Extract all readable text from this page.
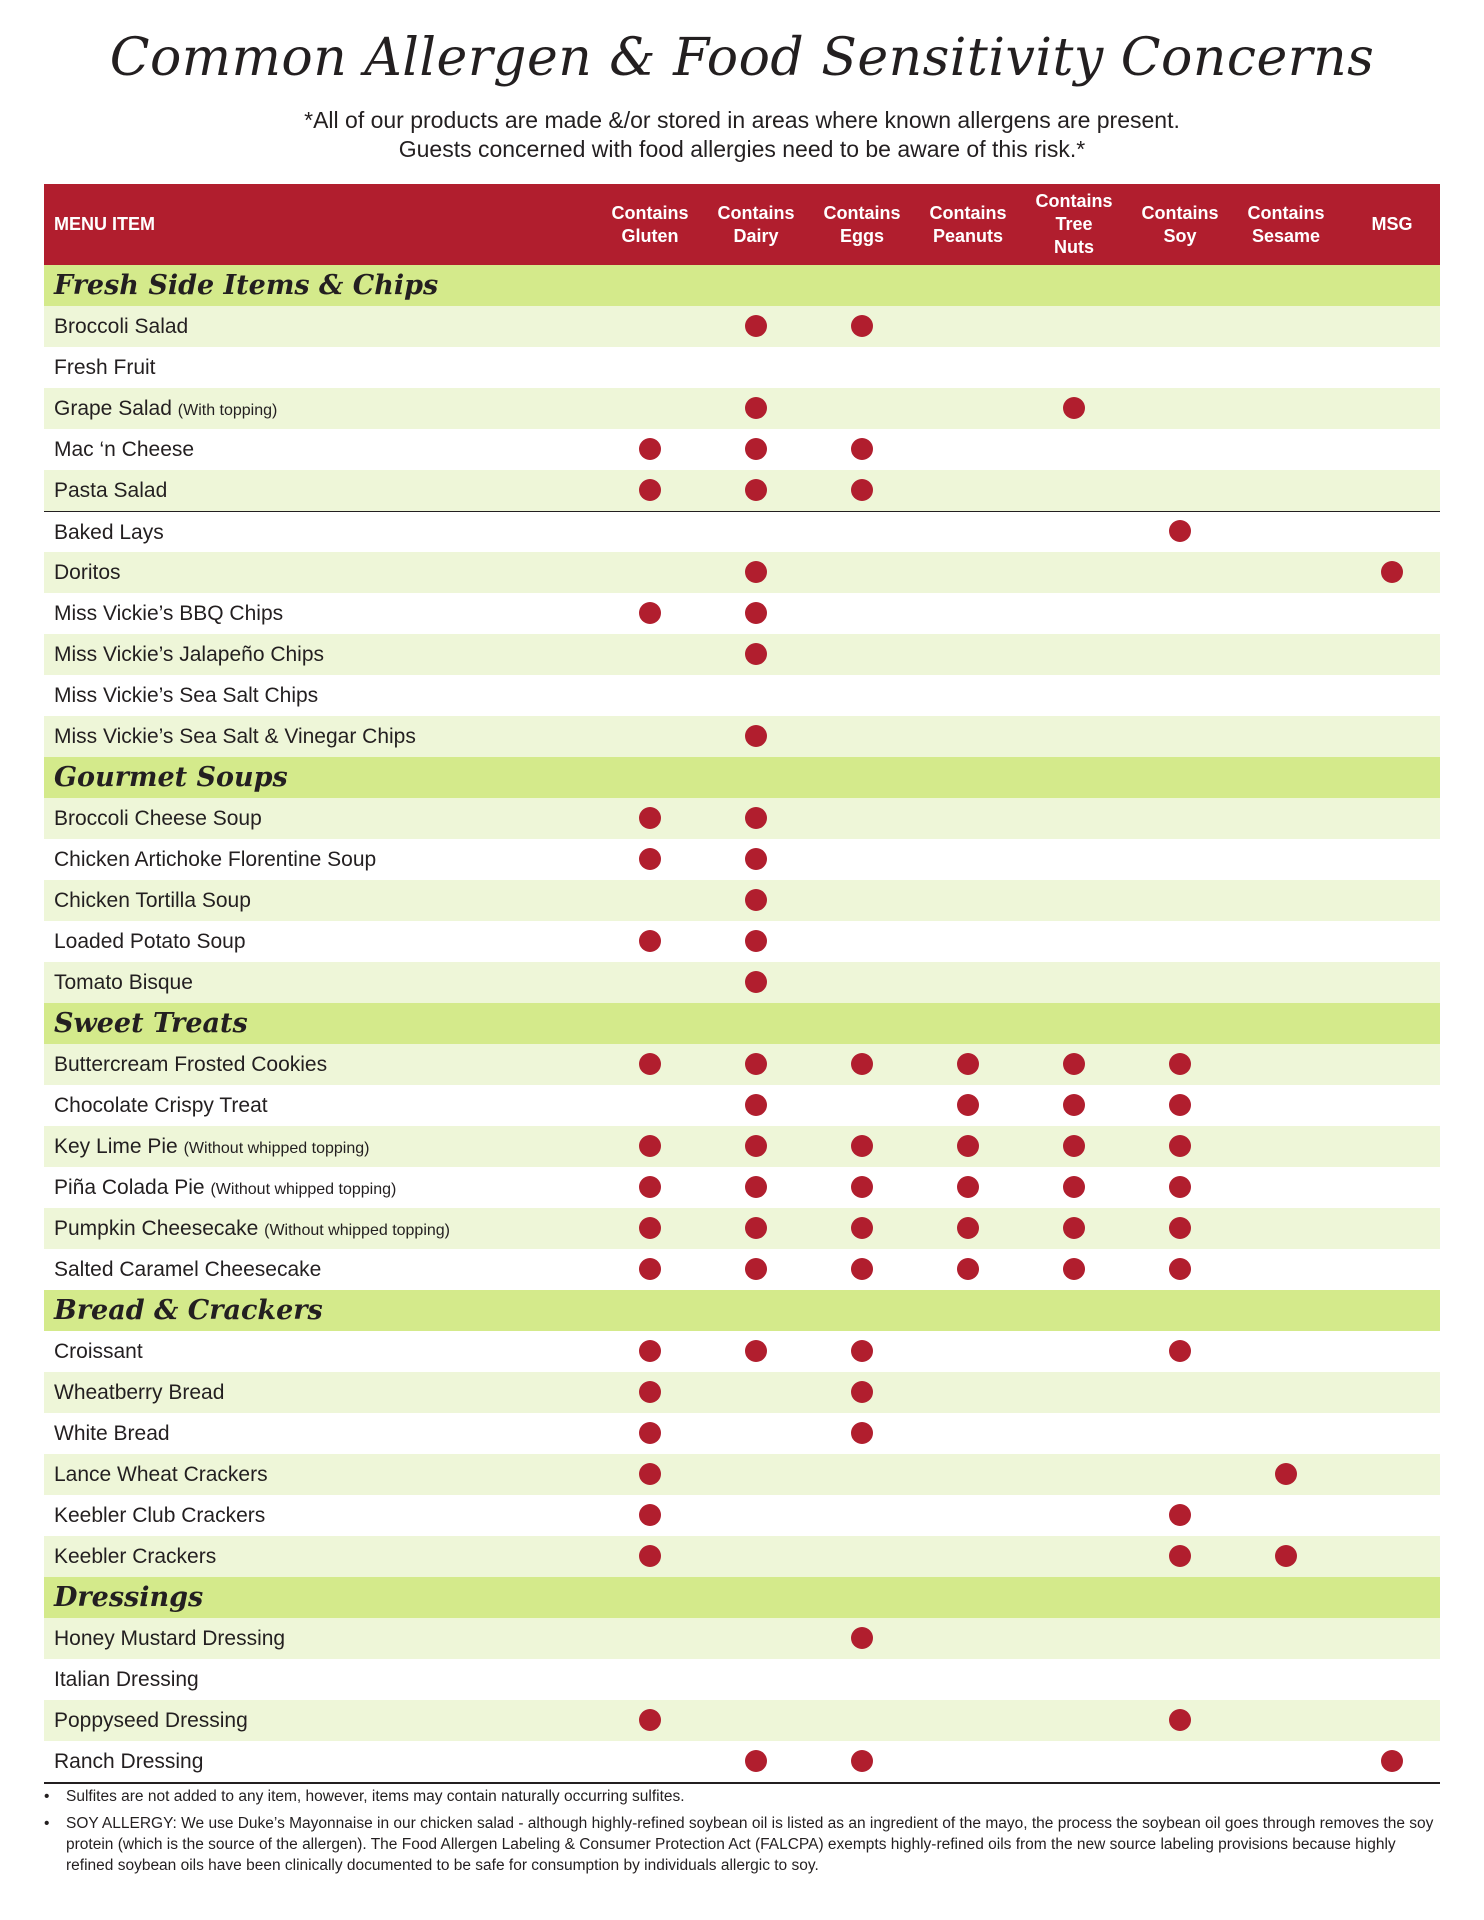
Common Allergen & Food Sensitivity Concerns
*All of our products are made &/or stored in areas where known allergens are present.
Guests concerned with food allergies need to be aware of this risk.*
MENU ITEM
Contains
Gluten
Contains
Dairy
Contains
Eggs
Contains
Peanuts
Contains
Tree
Nuts
Contains
Soy
Contains
Sesame
MSG
Fresh Side Items & Chips
Broccoli Salad
Fresh Fruit
Grape Salad (With topping)
Mac ‘n Cheese
Pasta Salad
Baked Lays
Doritos
Miss Vickie’s BBQ Chips
Miss Vickie’s Jalapeño Chips
Miss Vickie’s Sea Salt Chips
Miss Vickie’s Sea Salt & Vinegar Chips
Gourmet Soups
Broccoli Cheese Soup
Chicken Artichoke Florentine Soup
Chicken Tortilla Soup
Loaded Potato Soup
Tomato Bisque
Sweet Treats
Buttercream Frosted Cookies
Chocolate Crispy Treat
Key Lime Pie (Without whipped topping)
Piña Colada Pie (Without whipped topping)
Pumpkin Cheesecake (Without whipped topping)
Salted Caramel Cheesecake
Bread & Crackers
Croissant
Wheatberry Bread
White Bread
Lance Wheat Crackers
Keebler Club Crackers
Keebler Crackers
Dressings
Honey Mustard Dressing
Italian Dressing
Poppyseed Dressing
Ranch Dressing
• Sulfites are not added to any item, however, items may contain naturally occurring sulfites.
• SOY ALLERGY: We use Duke’s Mayonnaise in our chicken salad - although highly-refined soybean oil is listed as an ingredient of the mayo, the process the soybean oil goes through removes the soy protein (which is the source of the allergen). The Food Allergen Labeling & Consumer Protection Act (FALCPA) exempts highly-refined oils from the new source labeling provisions because highly refined soybean oils have been clinically documented to be safe for consumption by individuals allergic to soy.
